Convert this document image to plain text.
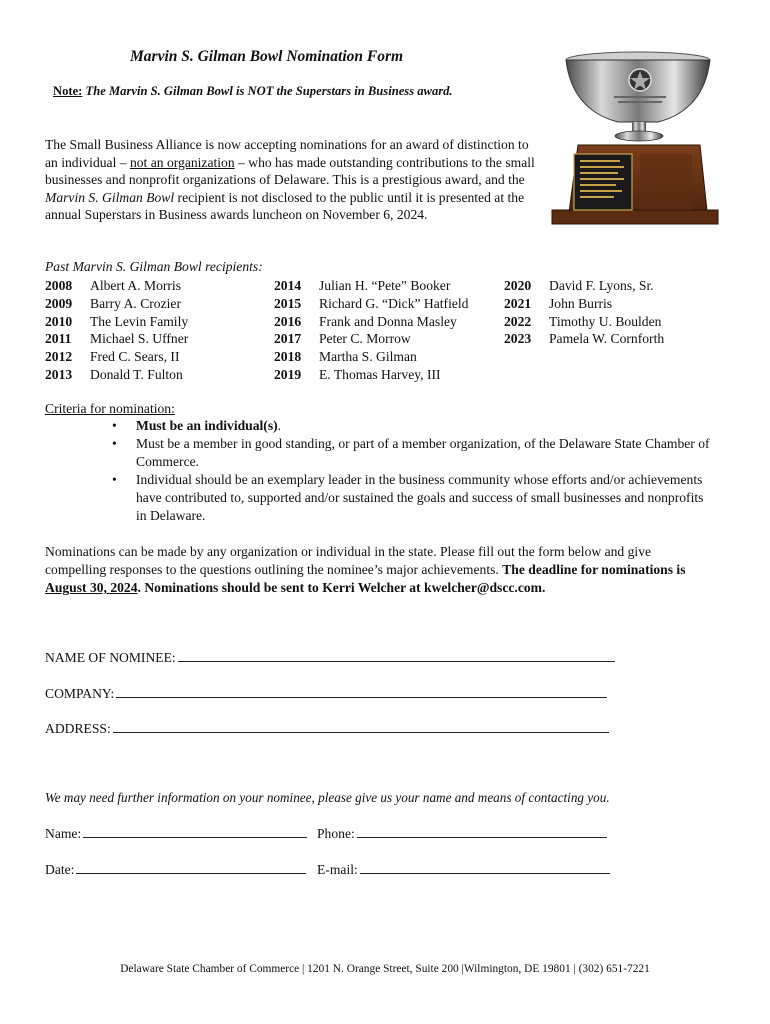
Marvin S. Gilman Bowl Nomination Form
Note: The Marvin S. Gilman Bowl is NOT the Superstars in Business award.
The Small Business Alliance is now accepting nominations for an award of distinction to an individual – not an organization – who has made outstanding contributions to the small businesses and nonprofit organizations of Delaware. This is a prestigious award, and the Marvin S. Gilman Bowl recipient is not disclosed to the public until it is presented at the annual Superstars in Business awards luncheon on November 6, 2024.
Past Marvin S. Gilman Bowl recipients:
2008 Albert A. Morris
2009 Barry A. Crozier
2010 The Levin Family
2011 Michael S. Uffner
2012 Fred C. Sears, II
2013 Donald T. Fulton
2014 Julian H. “Pete” Booker
2015 Richard G. “Dick” Hatfield
2016 Frank and Donna Masley
2017 Peter C. Morrow
2018 Martha S. Gilman
2019 E. Thomas Harvey, III
2020 David F. Lyons, Sr.
2021 John Burris
2022 Timothy U. Boulden
2023 Pamela W. Cornforth
Criteria for nomination:
• Must be an individual(s).
• Must be a member in good standing, or part of a member organization, of the Delaware State Chamber of Commerce.
• Individual should be an exemplary leader in the business community whose efforts and/or achievements have contributed to, supported and/or sustained the goals and success of small businesses and nonprofits in Delaware.
Nominations can be made by any organization or individual in the state. Please fill out the form below and give compelling responses to the questions outlining the nominee’s major achievements. The deadline for nominations is August 30, 2024. Nominations should be sent to Kerri Welcher at kwelcher@dscc.com.
NAME OF NOMINEE:
COMPANY:
ADDRESS:
We may need further information on your nominee, please give us your name and means of contacting you.
Name:	Phone:
Date:	E-mail:
Delaware State Chamber of Commerce | 1201 N. Orange Street, Suite 200 |Wilmington, DE 19801 | (302) 651-7221
